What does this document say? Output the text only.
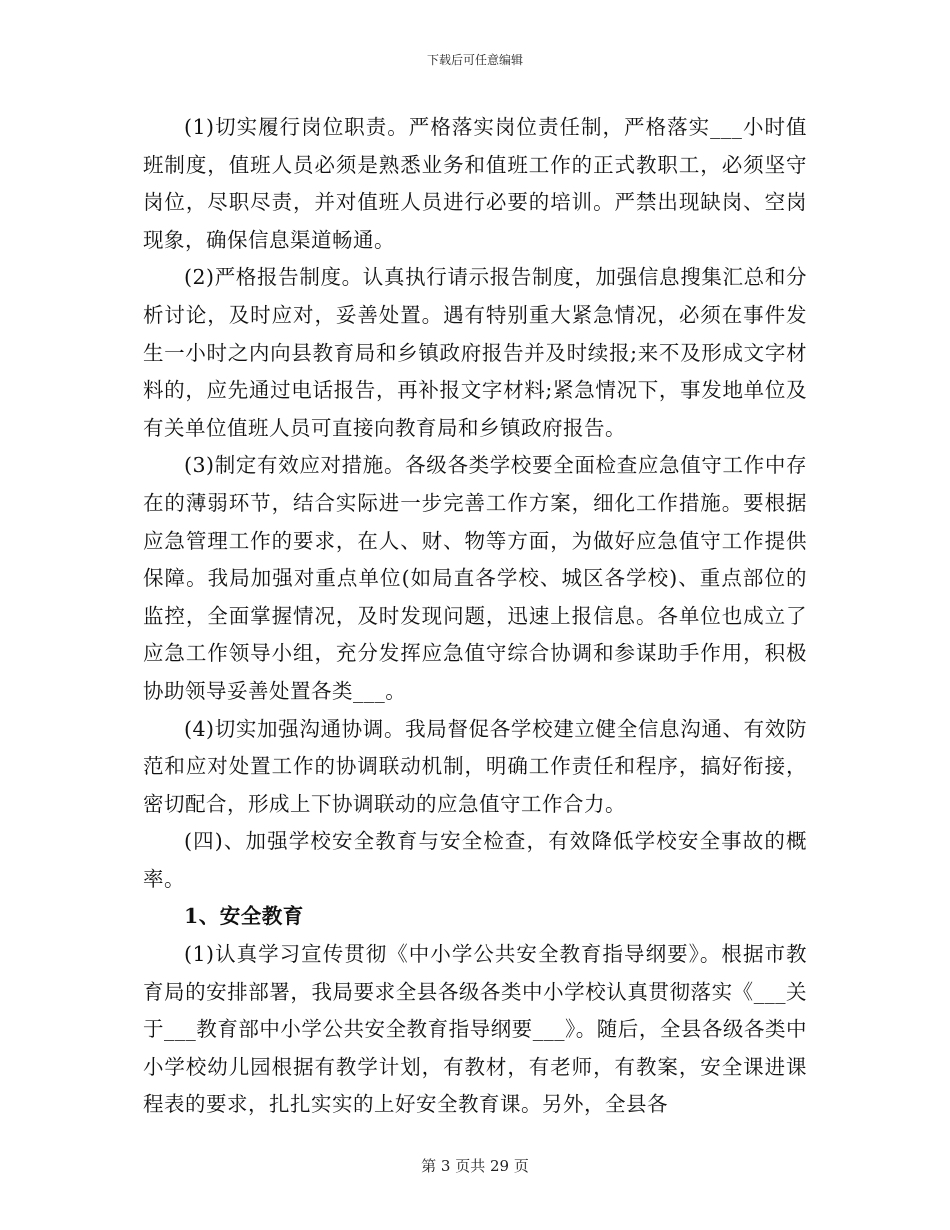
下载后可任意编辑

(1)切实履行岗位职责。严格落实岗位责任制，严格落实___小时值班制度，值班人员必须是熟悉业务和值班工作的正式教职工，必须坚守岗位，尽职尽责，并对值班人员进行必要的培训。严禁出现缺岗、空岗现象，确保信息渠道畅通。

(2)严格报告制度。认真执行请示报告制度，加强信息搜集汇总和分析讨论，及时应对，妥善处置。遇有特别重大紧急情况，必须在事件发生一小时之内向县教育局和乡镇政府报告并及时续报;来不及形成文字材料的，应先通过电话报告，再补报文字材料;紧急情况下，事发地单位及有关单位值班人员可直接向教育局和乡镇政府报告。

(3)制定有效应对措施。各级各类学校要全面检查应急值守工作中存在的薄弱环节，结合实际进一步完善工作方案，细化工作措施。要根据应急管理工作的要求，在人、财、物等方面，为做好应急值守工作提供保障。我局加强对重点单位(如局直各学校、城区各学校)、重点部位的监控，全面掌握情况，及时发现问题，迅速上报信息。各单位也成立了应急工作领导小组，充分发挥应急值守综合协调和参谋助手作用，积极协助领导妥善处置各类___。

(4)切实加强沟通协调。我局督促各学校建立健全信息沟通、有效防范和应对处置工作的协调联动机制，明确工作责任和程序，搞好衔接，密切配合，形成上下协调联动的应急值守工作合力。

(四)、加强学校安全教育与安全检查，有效降低学校安全事故的概率。

1、安全教育

(1)认真学习宣传贯彻《中小学公共安全教育指导纲要》。根据市教育局的安排部署，我局要求全县各级各类中小学校认真贯彻落实《___关于___教育部中小学公共安全教育指导纲要___》。随后，全县各级各类中小学校幼儿园根据有教学计划，有教材，有老师，有教案，安全课进课程表的要求，扎扎实实的上好安全教育课。另外，全县各

第 3 页共 29 页
